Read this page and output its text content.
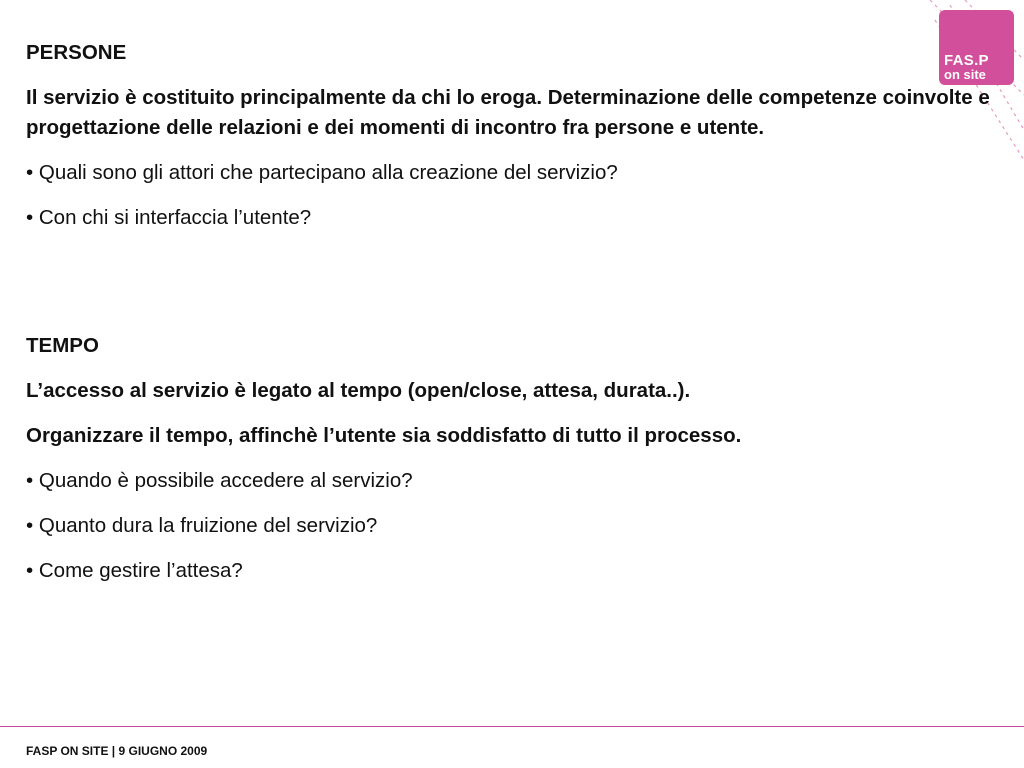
FAS.P
on site

PERSONE

Il servizio è costituito principalmente da chi lo eroga. Determinazione delle competenze coinvolte e progettazione delle relazioni e dei momenti di incontro fra persone e utente.

• Quali sono gli attori che partecipano alla creazione del servizio?

• Con chi si interfaccia l’utente?

TEMPO

L’accesso al servizio è legato al tempo (open/close, attesa, durata..).

Organizzare il tempo, affinchè l’utente sia soddisfatto di tutto il processo.

• Quando è possibile accedere al servizio?

• Quanto dura la fruizione del servizio?

• Come gestire l’attesa?

FASP ON SITE | 9 GIUGNO 2009
